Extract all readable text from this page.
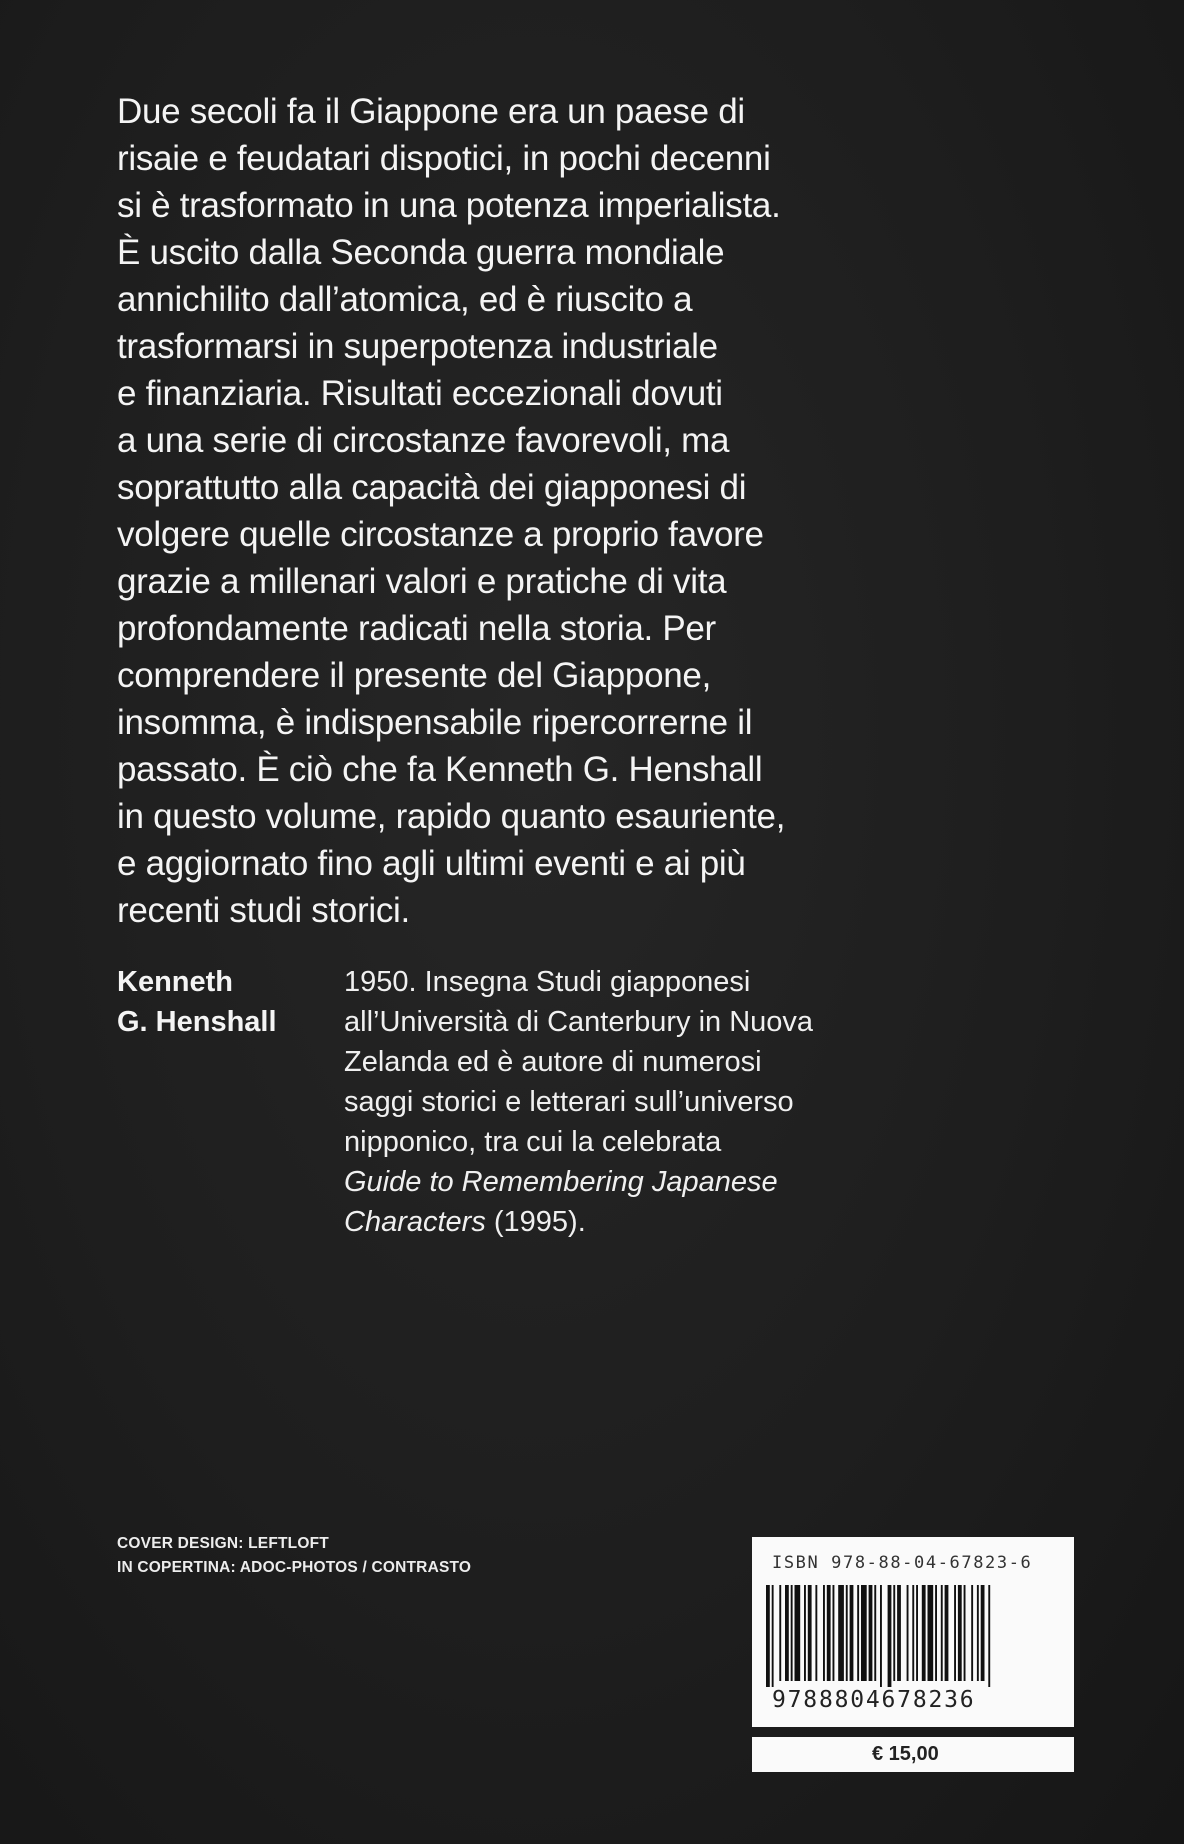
Due secoli fa il Giappone era un paese di
risaie e feudatari dispotici, in pochi decenni
si è trasformato in una potenza imperialista.
È uscito dalla Seconda guerra mondiale
annichilito dall’atomica, ed è riuscito a
trasformarsi in superpotenza industriale
e finanziaria. Risultati eccezionali dovuti
a una serie di circostanze favorevoli, ma
soprattutto alla capacità dei giapponesi di
volgere quelle circostanze a proprio favore
grazie a millenari valori e pratiche di vita
profondamente radicati nella storia. Per
comprendere il presente del Giappone,
insomma, è indispensabile ripercorrerne il
passato. È ciò che fa Kenneth G. Henshall
in questo volume, rapido quanto esauriente,
e aggiornato fino agli ultimi eventi e ai più
recenti studi storici.

Kenneth
G. Henshall

1950. Insegna Studi giapponesi
all’Università di Canterbury in Nuova
Zelanda ed è autore di numerosi
saggi storici e letterari sull’universo
nipponico, tra cui la celebrata
Guide to Remembering Japanese
Characters (1995).

COVER DESIGN: LEFTLOFT
IN COPERTINA: ADOC-PHOTOS / CONTRASTO	ISBN 978-88-04-67823-6
9788804678236
€ 15,00
